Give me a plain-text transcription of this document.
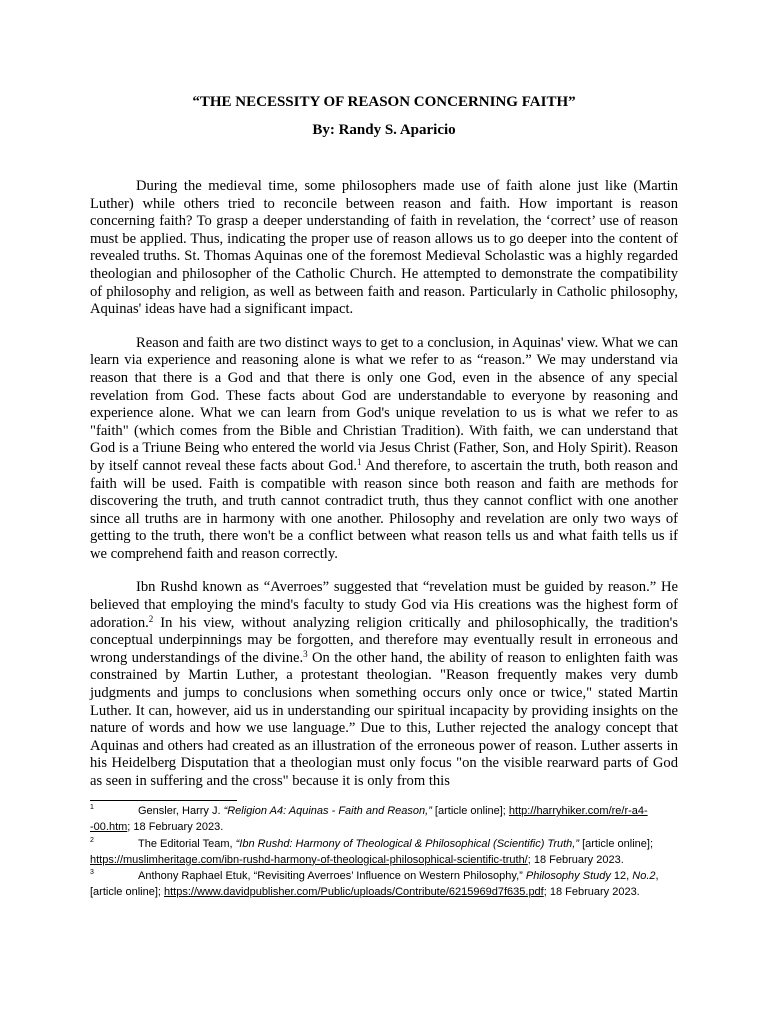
“THE NECESSITY OF REASON CONCERNING FAITH”
By: Randy S. Aparicio

During the medieval time, some philosophers made use of faith alone just like (Martin Luther) while others tried to reconcile between reason and faith. How important is reason concerning faith? To grasp a deeper understanding of faith in revelation, the ‘correct’ use of reason must be applied. Thus, indicating the proper use of reason allows us to go deeper into the content of revealed truths. St. Thomas Aquinas one of the foremost Medieval Scholastic was a highly regarded theologian and philosopher of the Catholic Church. He attempted to demonstrate the compatibility of philosophy and religion, as well as between faith and reason. Particularly in Catholic philosophy, Aquinas' ideas have had a significant impact.

Reason and faith are two distinct ways to get to a conclusion, in Aquinas' view. What we can learn via experience and reasoning alone is what we refer to as “reason.” We may understand via reason that there is a God and that there is only one God, even in the absence of any special revelation from God. These facts about God are understandable to everyone by reasoning and experience alone. What we can learn from God's unique revelation to us is what we refer to as "faith" (which comes from the Bible and Christian Tradition). With faith, we can understand that God is a Triune Being who entered the world via Jesus Christ (Father, Son, and Holy Spirit). Reason by itself cannot reveal these facts about God.$^1$ And therefore, to ascertain the truth, both reason and faith will be used. Faith is compatible with reason since both reason and faith are methods for discovering the truth, and truth cannot contradict truth, thus they cannot conflict with one another since all truths are in harmony with one another. Philosophy and revelation are only two ways of getting to the truth, there won't be a conflict between what reason tells us and what faith tells us if we comprehend faith and reason correctly.

Ibn Rushd known as “Averroes” suggested that “revelation must be guided by reason.” He believed that employing the mind's faculty to study God via His creations was the highest form of adoration.$^2$ In his view, without analyzing religion critically and philosophically, the tradition's conceptual underpinnings may be forgotten, and therefore may eventually result in erroneous and wrong understandings of the divine.$^3$ On the other hand, the ability of reason to enlighten faith was constrained by Martin Luther, a protestant theologian. "Reason frequently makes very dumb judgments and jumps to conclusions when something occurs only once or twice," stated Martin Luther. It can, however, aid us in understanding our spiritual incapacity by providing insights on the nature of words and how we use language.” Due to this, Luther rejected the analogy concept that Aquinas and others had created as an illustration of the erroneous power of reason. Luther asserts in his Heidelberg Disputation that a theologian must only focus "on the visible rearward parts of God as seen in suffering and the cross" because it is only from this

1	Gensler, Harry J. “Religion A4: Aquinas - Faith and Reason,” [article online]; http://harryhiker.com/re/r-a4--00.htm; 18 February 2023.

2	The Editorial Team, “Ibn Rushd: Harmony of Theological & Philosophical (Scientific) Truth,” [article online]; https://muslimheritage.com/ibn-rushd-harmony-of-theological-philosophical-scientific-truth/; 18 February 2023.

3	Anthony Raphael Etuk, “Revisiting Averroes’ Influence on Western Philosophy,” Philosophy Study 12, No.2, [article online]; https://www.davidpublisher.com/Public/uploads/Contribute/6215969d7f635.pdf; 18 February 2023.
